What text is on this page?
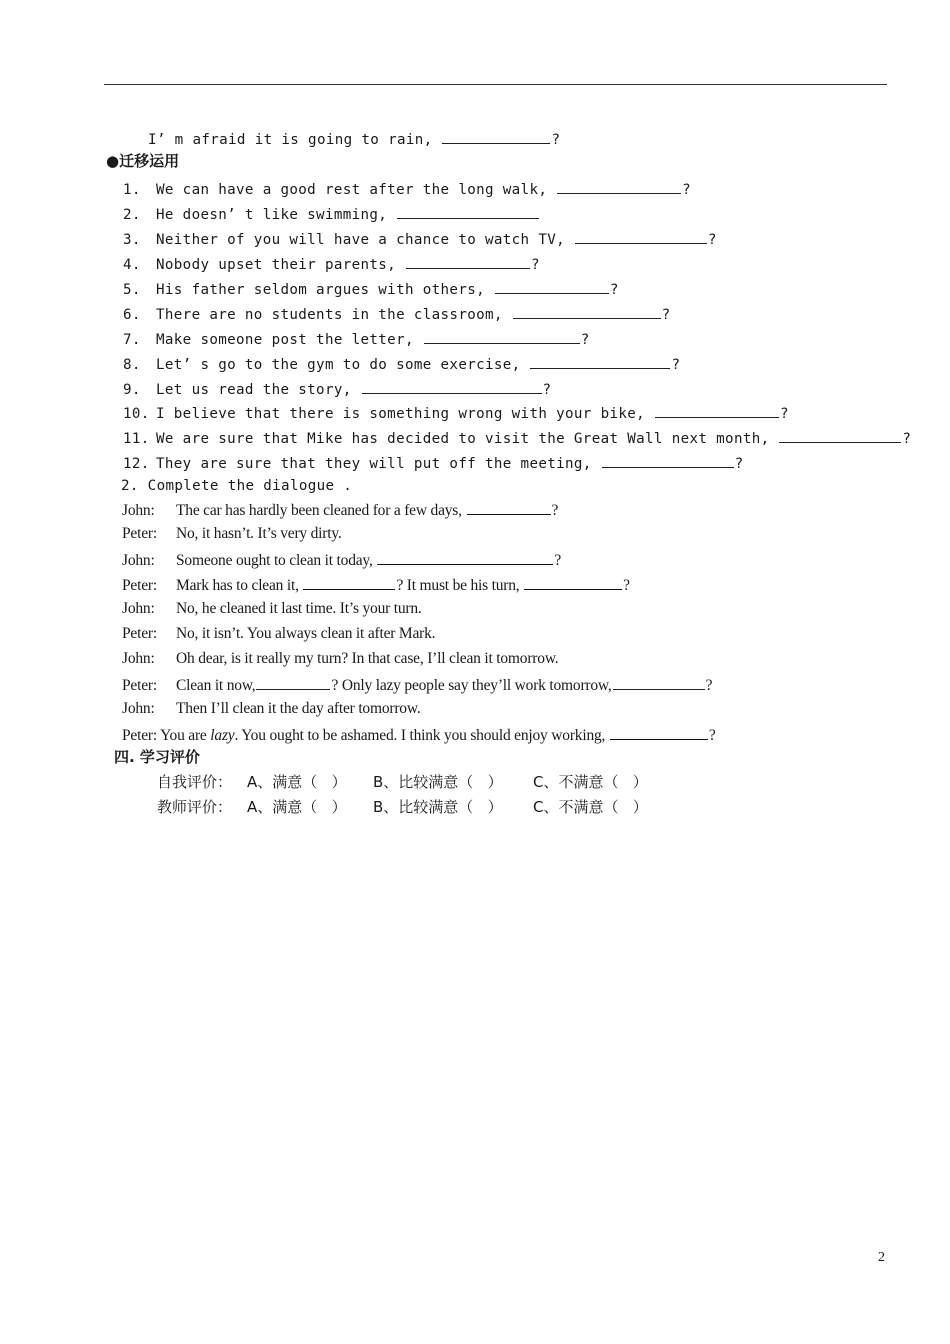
I’ m afraid it is going to rain,	?
●迁移运用
1. We can have a good rest after the long walk,	?
2. He doesn’ t like swimming,
3. Neither of you will have a chance to watch TV,	?
4. Nobody upset their parents,	?
5. His father seldom argues with others,	?
6. There are no students in the classroom,	?
7. Make someone post the letter,	?
8. Let’ s go to the gym to do some exercise,	?
9. Let us read the story,	?
10. I believe that there is something wrong with your bike,	?
11. We are sure that Mike has decided to visit the Great Wall next month,	?
12. They are sure that they will put off the meeting,	?
2. Complete the dialogue .
John: The car has hardly been cleaned for a few days,	?
Peter: No, it hasn’t. It’s very dirty.
John: Someone ought to clean it today,	?
Peter: Mark has to clean it,	? It must be his turn,	?
John: No, he cleaned it last time. It’s your turn.
Peter: No, it isn’t. You always clean it after Mark.
John: Oh dear, is it really my turn? In that case, I’ll clean it tomorrow.
Peter: Clean it now,	? Only lazy people say they’ll work tomorrow,	?
John: Then I’ll clean it the day after tomorrow.
Peter: You are lazy. You ought to be ashamed. I think you should enjoy working,	?
四. 学习评价
自我评价： A、满意（   ） B、比较满意（   ） C、不满意（   ）
教师评价： A、满意（   ） B、比较满意（   ） C、不满意（   ）
2
